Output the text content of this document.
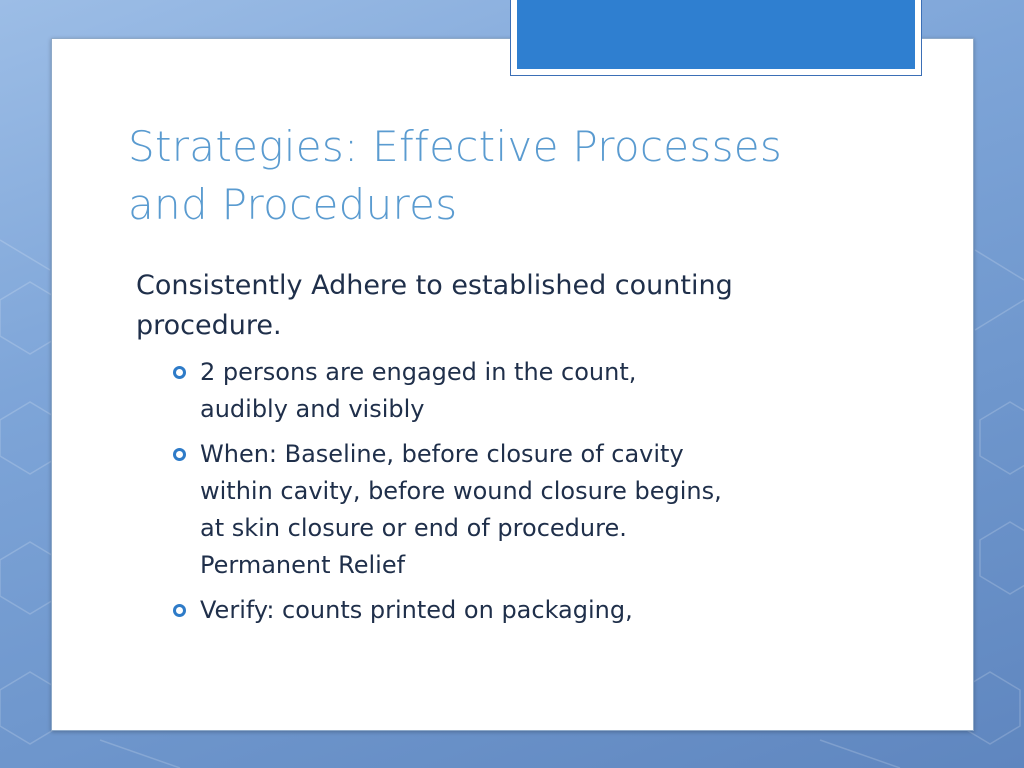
Strategies: Effective Processes
and Procedures

Consistently Adhere to established counting
procedure.

2 persons are engaged in the count,
audibly and visibly
When: Baseline, before closure of cavity
within cavity, before wound closure begins,
at skin closure or end of procedure.
Permanent Relief
Verify: counts printed on packaging,
